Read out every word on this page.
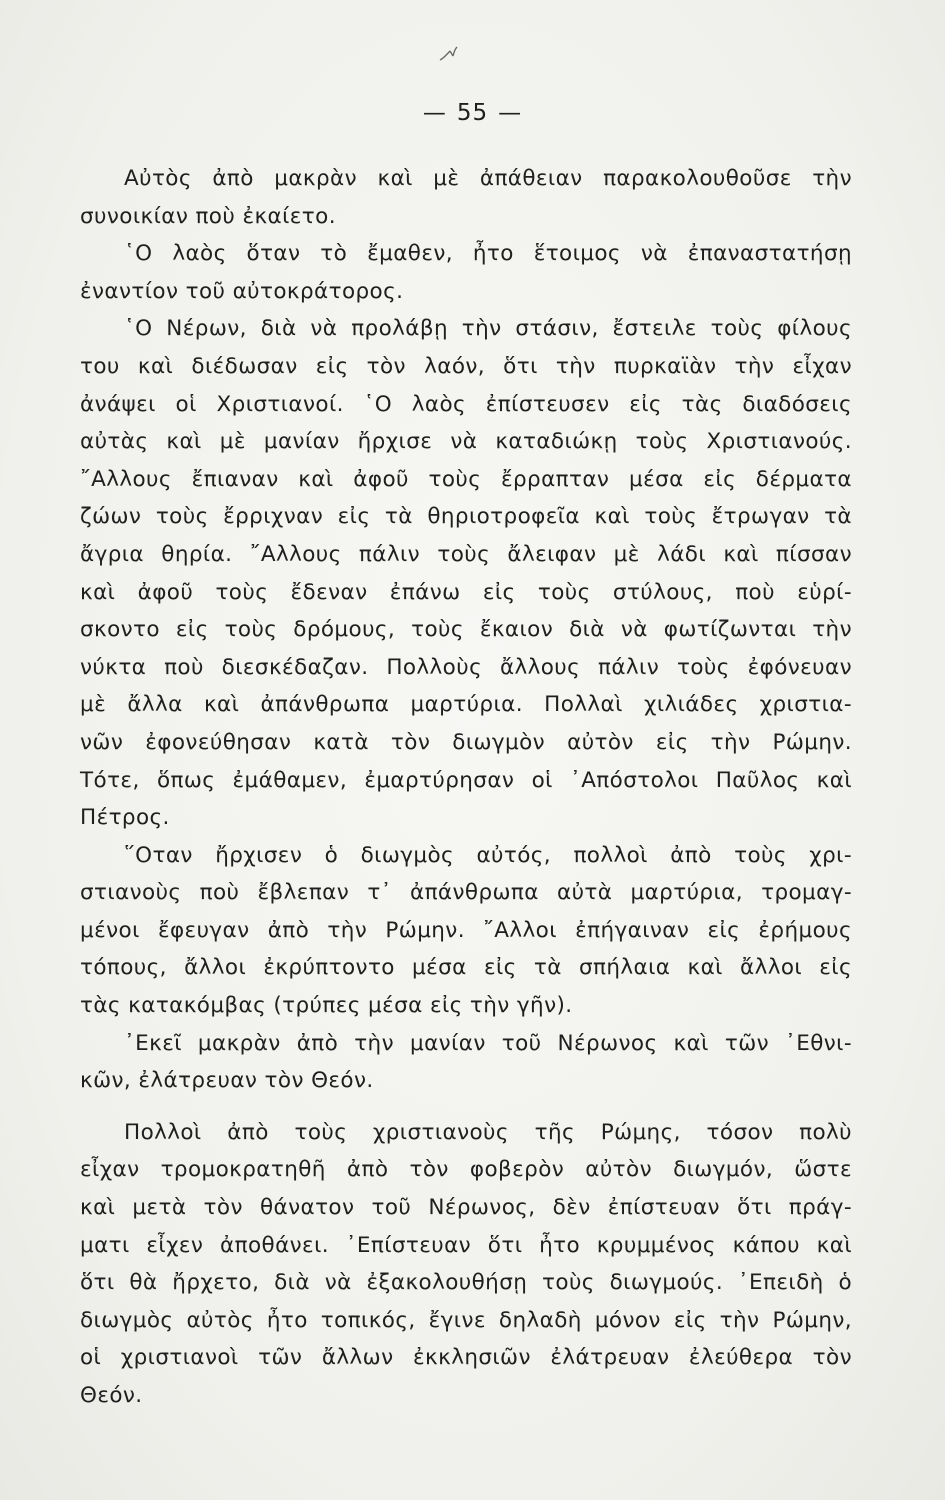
— 55 —
Αὐτὸς ἀπὸ μακρὰν καὶ μὲ ἀπάθειαν παρακολουθοῦσε τὴν
συνοικίαν ποὺ ἐκαίετο.
῾Ο λαὸς ὅταν τὸ ἔμαθεν, ἦτο ἕτοιμος νὰ ἐπαναστατήσῃ
ἐναντίον τοῦ αὐτοκράτορος.
῾Ο Νέρων, διὰ νὰ προλάβῃ τὴν στάσιν, ἔστειλε τοὺς φίλους
του καὶ διέδωσαν εἰς τὸν λαόν, ὅτι τὴν πυρκαϊὰν τὴν εἶχαν
ἀνάψει οἱ Χριστιανοί. ῾Ο λαὸς ἐπίστευσεν εἰς τὰς διαδόσεις
αὐτὰς καὶ μὲ μανίαν ἤρχισε νὰ καταδιώκῃ τοὺς Χριστιανούς.
῎Αλλους ἔπιαναν καὶ ἀφοῦ τοὺς ἔρραπταν μέσα εἰς δέρματα
ζώων τοὺς ἔρριχναν εἰς τὰ θηριοτροφεῖα καὶ τοὺς ἔτρωγαν τὰ
ἄγρια θηρία. ῎Αλλους πάλιν τοὺς ἄλειφαν μὲ λάδι καὶ πίσσαν
καὶ ἀφοῦ τοὺς ἔδεναν ἐπάνω εἰς τοὺς στύλους, ποὺ εὑρί-
σκοντο εἰς τοὺς δρόμους, τοὺς ἔκαιον διὰ νὰ φωτίζωνται τὴν
νύκτα ποὺ διεσκέδαζαν. Πολλοὺς ἄλλους πάλιν τοὺς ἐφόνευαν
μὲ ἄλλα καὶ ἀπάνθρωπα μαρτύρια. Πολλαὶ χιλιάδες χριστια-
νῶν ἐφονεύθησαν κατὰ τὸν διωγμὸν αὐτὸν εἰς τὴν Ρώμην.
Τότε, ὅπως ἐμάθαμεν, ἐμαρτύρησαν οἱ ᾿Απόστολοι Παῦλος καὶ
Πέτρος.
῞Οταν ἤρχισεν ὁ διωγμὸς αὐτός, πολλοὶ ἀπὸ τοὺς χρι-
στιανοὺς ποὺ ἔβλεπαν τ᾿ ἀπάνθρωπα αὐτὰ μαρτύρια, τρομαγ-
μένοι ἔφευγαν ἀπὸ τὴν Ρώμην. ῎Αλλοι ἐπήγαιναν εἰς ἐρήμους
τόπους, ἄλλοι ἐκρύπτοντο μέσα εἰς τὰ σπήλαια καὶ ἄλλοι εἰς
τὰς κατακόμβας (τρύπες μέσα εἰς τὴν γῆν).
᾿Εκεῖ μακρὰν ἀπὸ τὴν μανίαν τοῦ Νέρωνος καὶ τῶν ᾿Εθνι-
κῶν, ἐλάτρευαν τὸν Θεόν.
Πολλοὶ ἀπὸ τοὺς χριστιανοὺς τῆς Ρώμης, τόσον πολὺ
εἶχαν τρομοκρατηθῆ ἀπὸ τὸν φοβερὸν αὐτὸν διωγμόν, ὥστε
καὶ μετὰ τὸν θάνατον τοῦ Νέρωνος, δὲν ἐπίστευαν ὅτι πράγ-
ματι εἶχεν ἀποθάνει. ᾿Επίστευαν ὅτι ἦτο κρυμμένος κάπου καὶ
ὅτι θὰ ἤρχετο, διὰ νὰ ἐξακολουθήσῃ τοὺς διωγμούς. ᾿Επειδὴ ὁ
διωγμὸς αὐτὸς ἦτο τοπικός, ἔγινε δηλαδὴ μόνον εἰς τὴν Ρώμην,
οἱ χριστιανοὶ τῶν ἄλλων ἐκκλησιῶν ἐλάτρευαν ἐλεύθερα τὸν
Θεόν.
